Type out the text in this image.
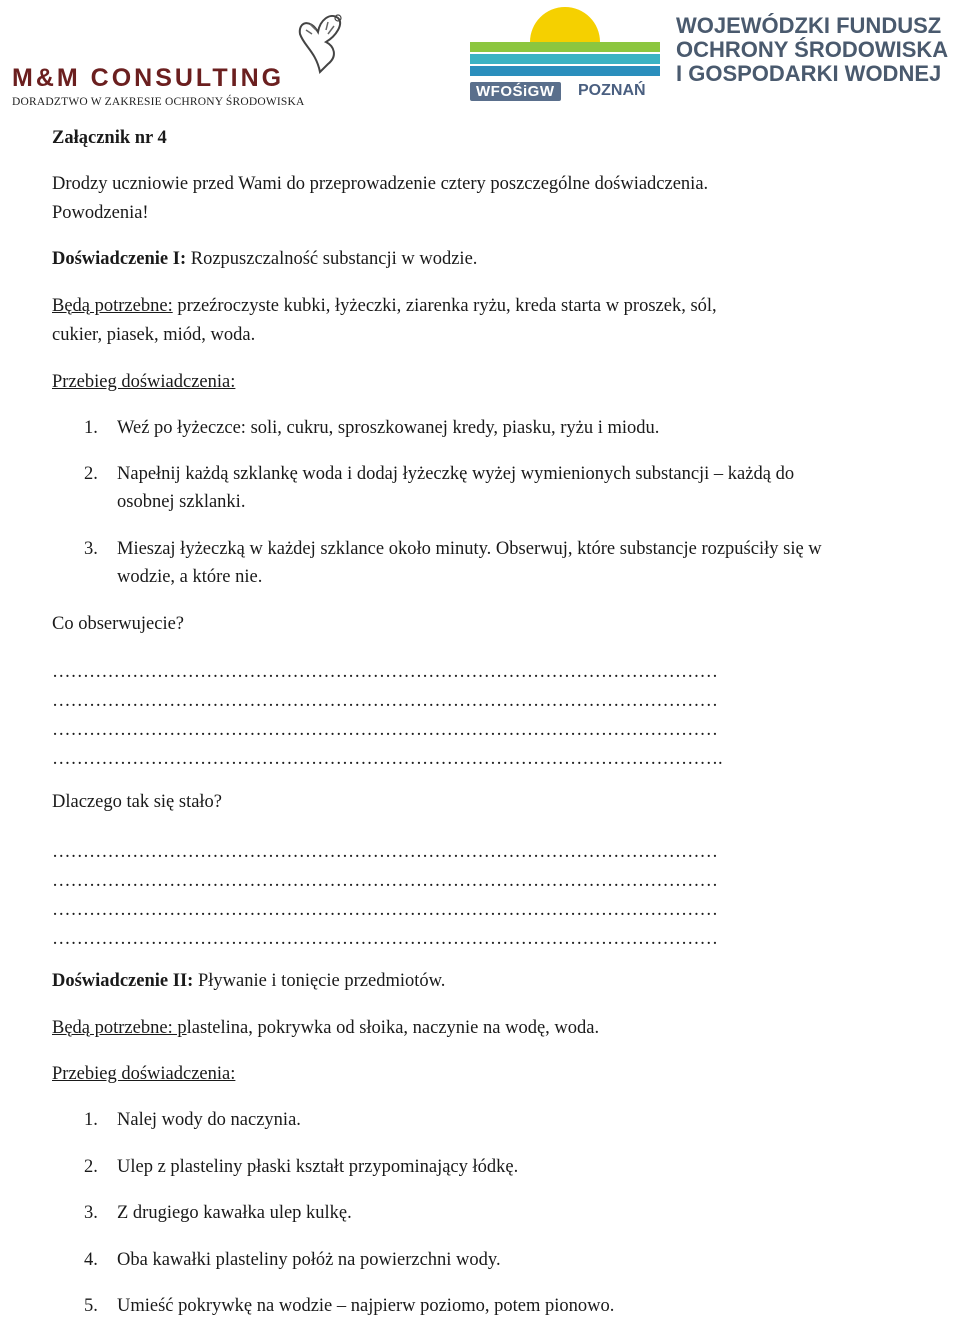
M&M CONSULTING
DORADZTWO W ZAKRESIE OCHRONY ŚRODOWISKA
WFOŚiGW	POZNAŃ
WOJEWÓDZKI FUNDUSZ
OCHRONY ŚRODOWISKA
I GOSPODARKI WODNEJ
Załącznik nr 4
Drodzy uczniowie przed Wami do przeprowadzenie cztery poszczególne doświadczenia.
Powodzenia!
Doświadczenie I: Rozpuszczalność substancji w wodzie.
Będą potrzebne: przeźroczyste kubki, łyżeczki, ziarenka ryżu, kreda starta w proszek, sól,
cukier, piasek, miód, woda.
Przebieg doświadczenia:
1. Weź po łyżeczce: soli, cukru, sproszkowanej kredy, piasku, ryżu i miodu.
2. Napełnij każdą szklankę woda i dodaj łyżeczkę wyżej wymienionych substancji – każdą do osobnej szklanki.
3. Mieszaj łyżeczką w każdej szklance około minuty. Obserwuj, które substancje rozpuściły się w wodzie, a które nie.
Co obserwujecie?
………………………………………………………………………………………………
………………………………………………………………………………………………
………………………………………………………………………………………………
……………………………………………………………………………………………….
Dlaczego tak się stało?
………………………………………………………………………………………………
………………………………………………………………………………………………
………………………………………………………………………………………………
………………………………………………………………………………………………
Doświadczenie II: Pływanie i tonięcie przedmiotów.
Będą potrzebne: plastelina, pokrywka od słoika, naczynie na wodę, woda.
Przebieg doświadczenia:
1. Nalej wody do naczynia.
2. Ulep z plasteliny płaski kształt przypominający łódkę.
3. Z drugiego kawałka ulep kulkę.
4. Oba kawałki plasteliny połóż na powierzchni wody.
5. Umieść pokrywkę na wodzie – najpierw poziomo, potem pionowo.
